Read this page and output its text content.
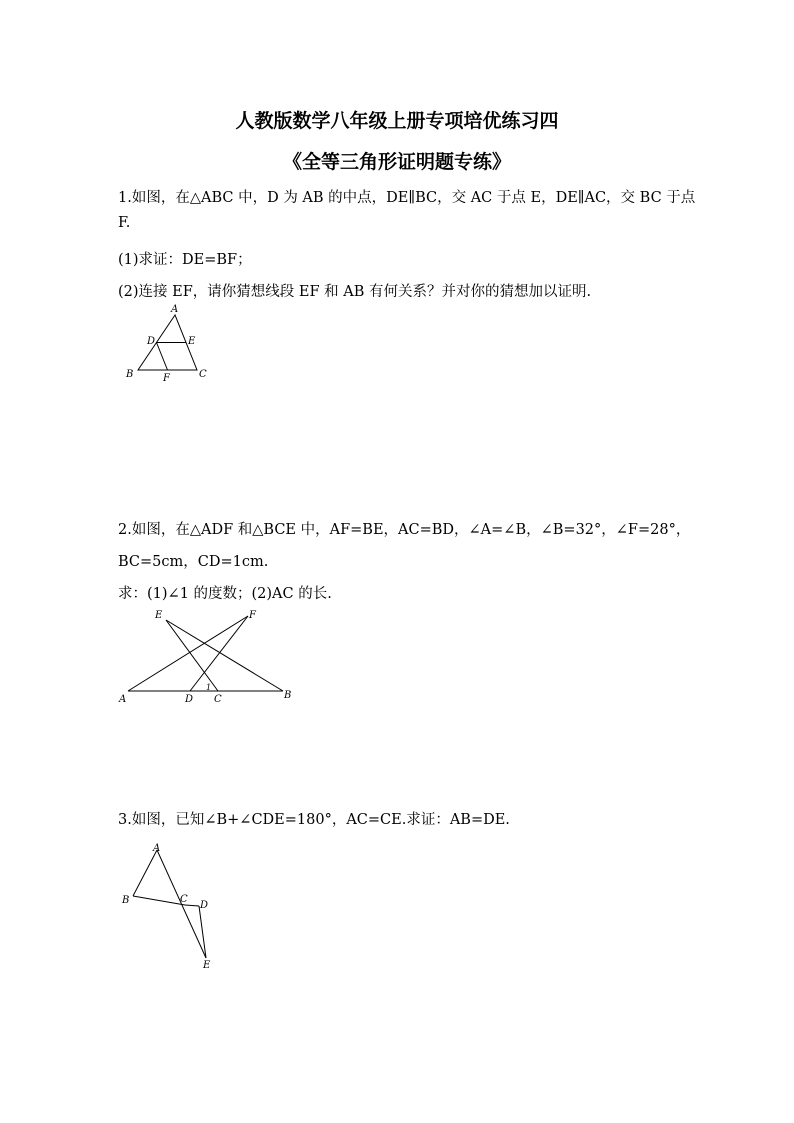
人教版数学八年级上册专项培优练习四
《全等三角形证明题专练》
1.如图，在△ABC 中，D 为 AB 的中点，DE∥BC，交 AC 于点 E，DE∥AC，交 BC 于点
F.
(1)求证：DE=BF；
(2)连接 EF，请你猜想线段 EF 和 AB 有何关系？并对你的猜想加以证明.
A
D	E
B	F	C
2.如图，在△ADF 和△BCE 中，AF=BE，AC=BD，∠A=∠B，∠B=32°，∠F=28°，
BC=5cm，CD=1cm.
求：(1)∠1 的度数；(2)AC 的长.
E	F
A	D
1
C	B
3.如图，已知∠B+∠CDE=180°，AC=CE.求证：AB=DE.
A
B	C
D
E
